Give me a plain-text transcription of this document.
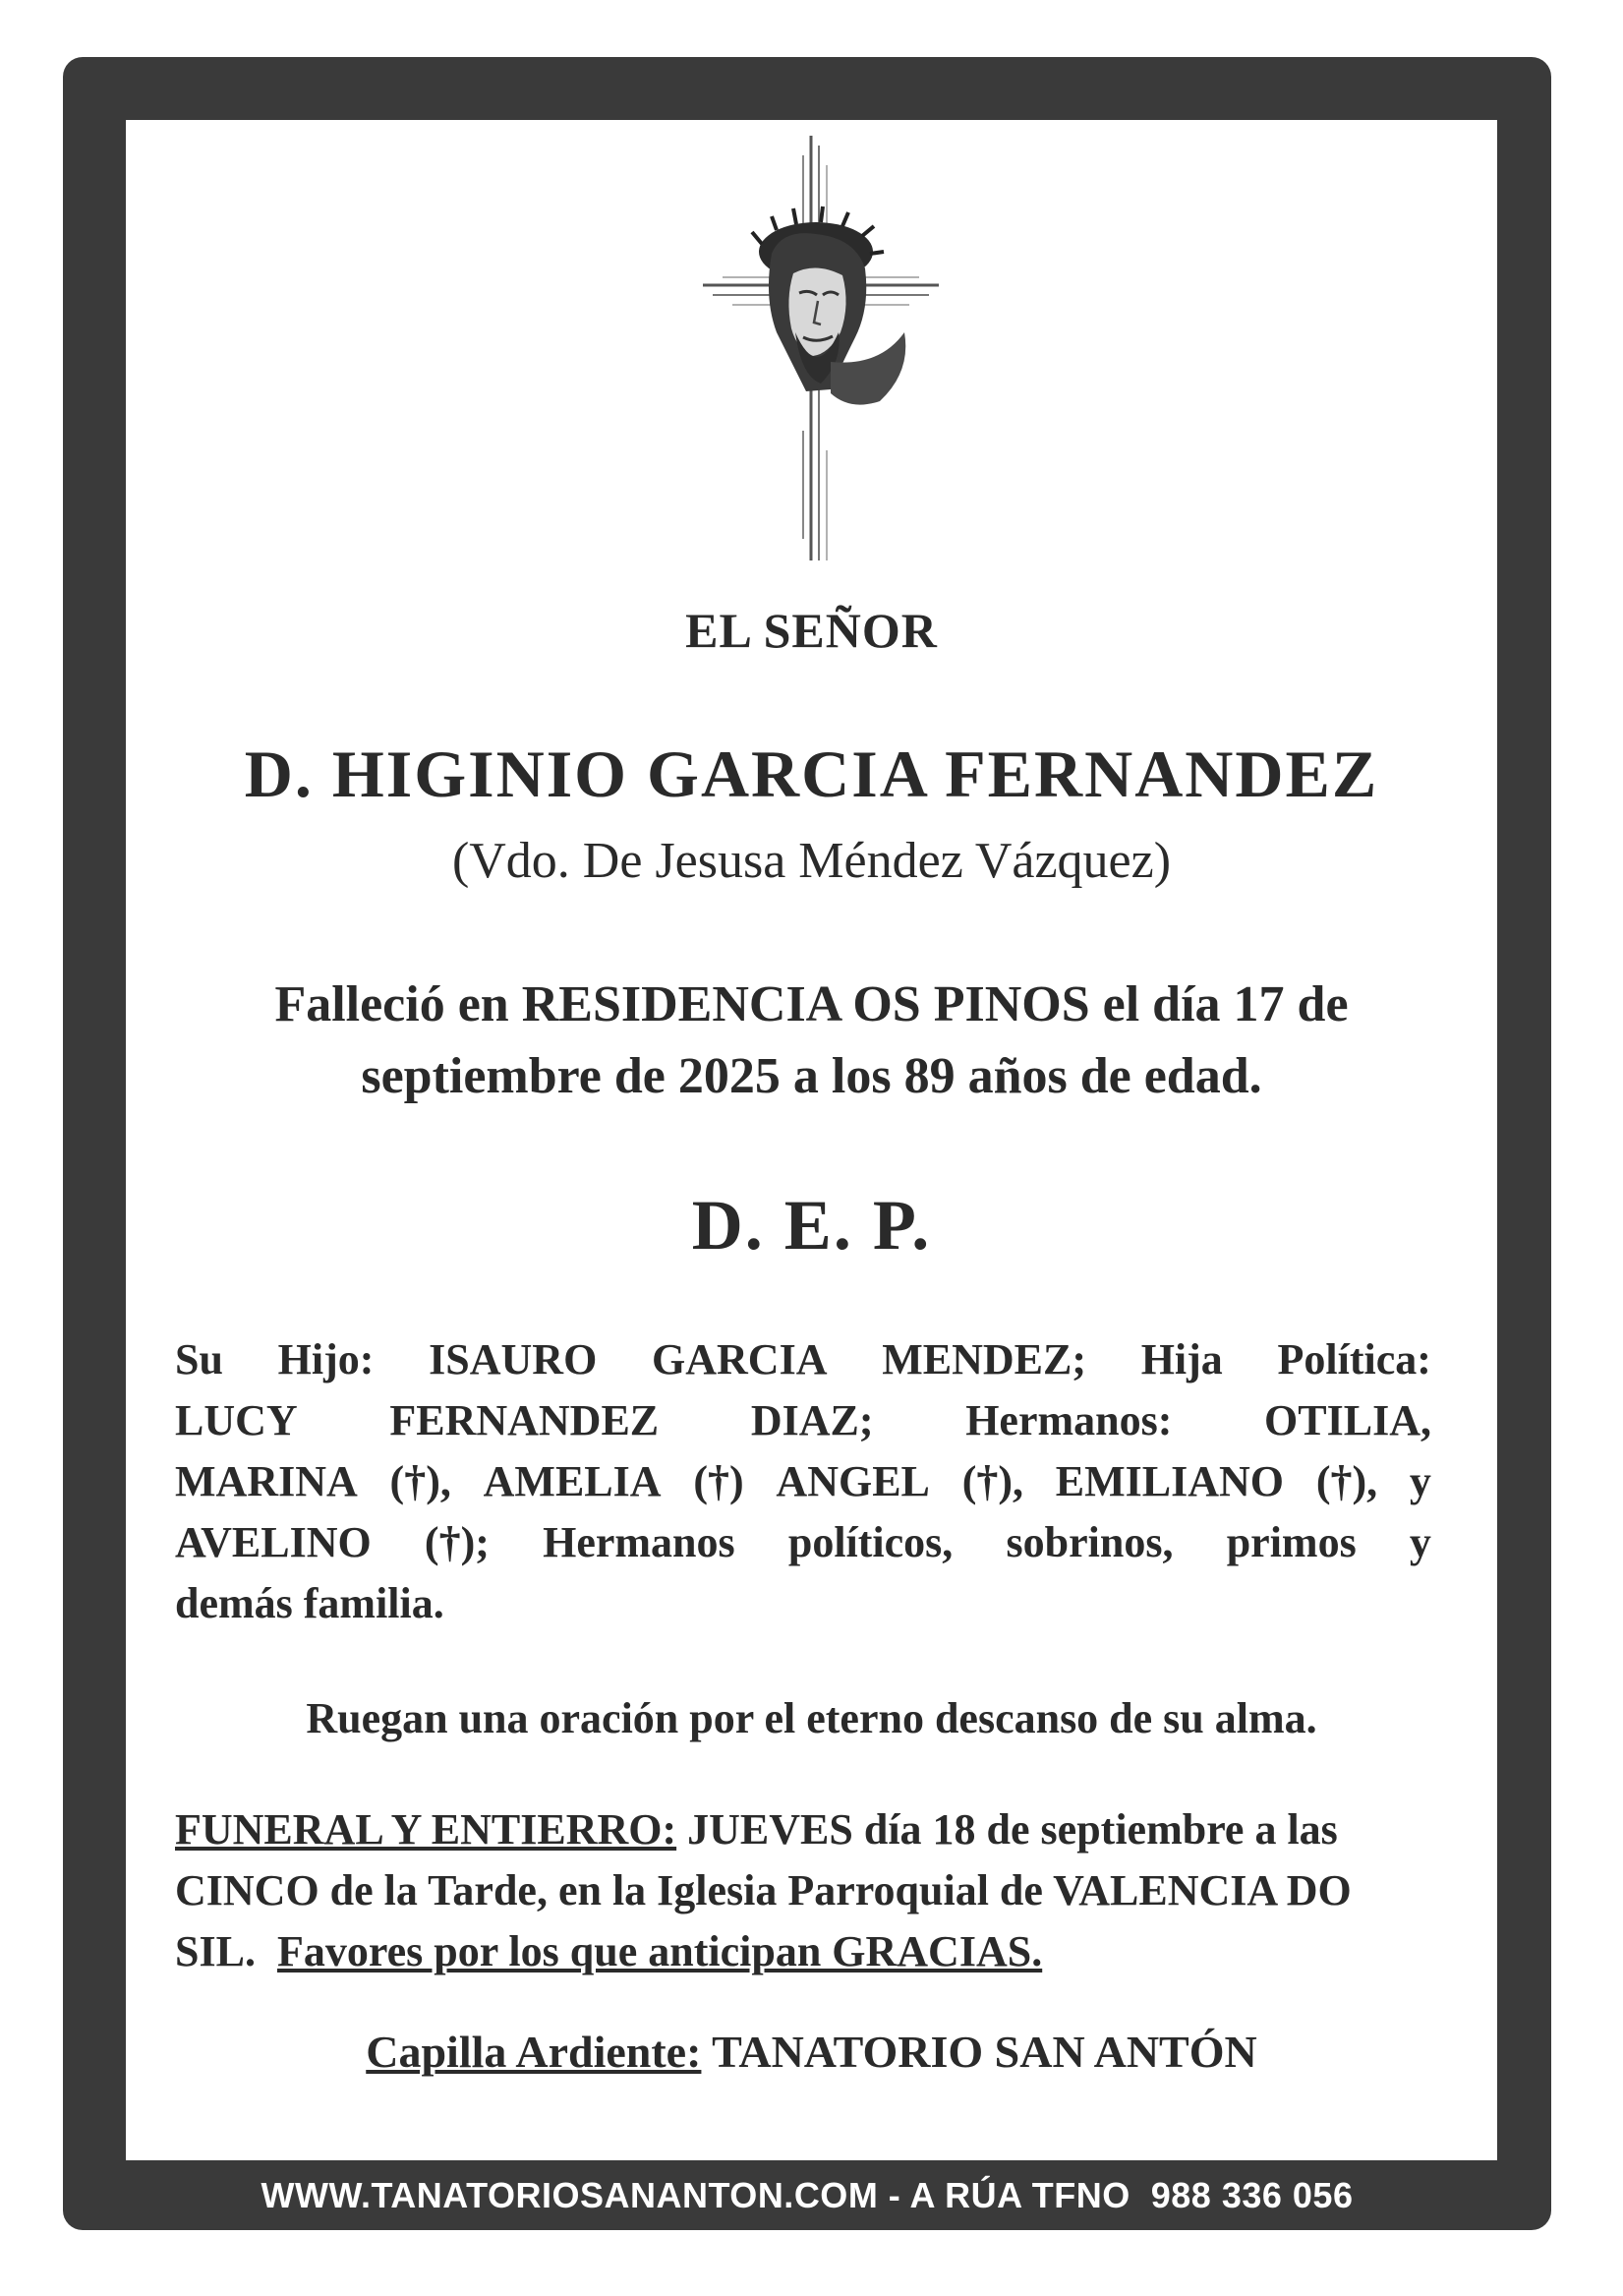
EL SEÑOR
D. HIGINIO GARCIA FERNANDEZ
(Vdo. De Jesusa Méndez Vázquez)
Falleció en RESIDENCIA OS PINOS el día 17 de
septiembre de 2025 a los 89 años de edad.
D. E. P.
Su Hijo: ISAURO GARCIA MENDEZ; Hija Política:
LUCY FERNANDEZ DIAZ; Hermanos: OTILIA,
MARINA (†), AMELIA (†) ANGEL (†), EMILIANO (†), y
AVELINO (†); Hermanos políticos, sobrinos, primos y
demás familia.
Ruegan una oración por el eterno descanso de su alma.
FUNERAL Y ENTIERRO: JUEVES día 18 de septiembre a las
CINCO de la Tarde, en la Iglesia Parroquial de VALENCIA DO
SIL.  Favores por los que anticipan GRACIAS.
Capilla Ardiente: TANATORIO SAN ANTÓN
WWW.TANATORIOSANANTON.COM - A RÚA TFNO  988 336 056
